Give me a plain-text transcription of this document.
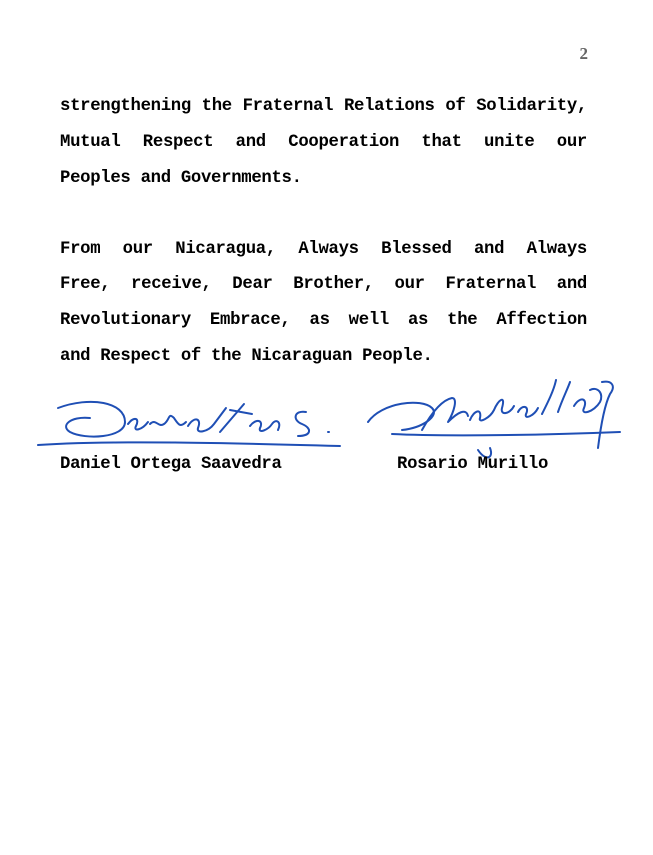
2
strengthening the Fraternal Relations of Solidarity,
Mutual Respect and Cooperation that unite our
Peoples and Governments.
From our Nicaragua, Always Blessed and Always
Free, receive, Dear Brother, our Fraternal and
Revolutionary Embrace, as well as the Affection
and Respect of the Nicaraguan People.
Daniel Ortega Saavedra	Rosario Murillo
